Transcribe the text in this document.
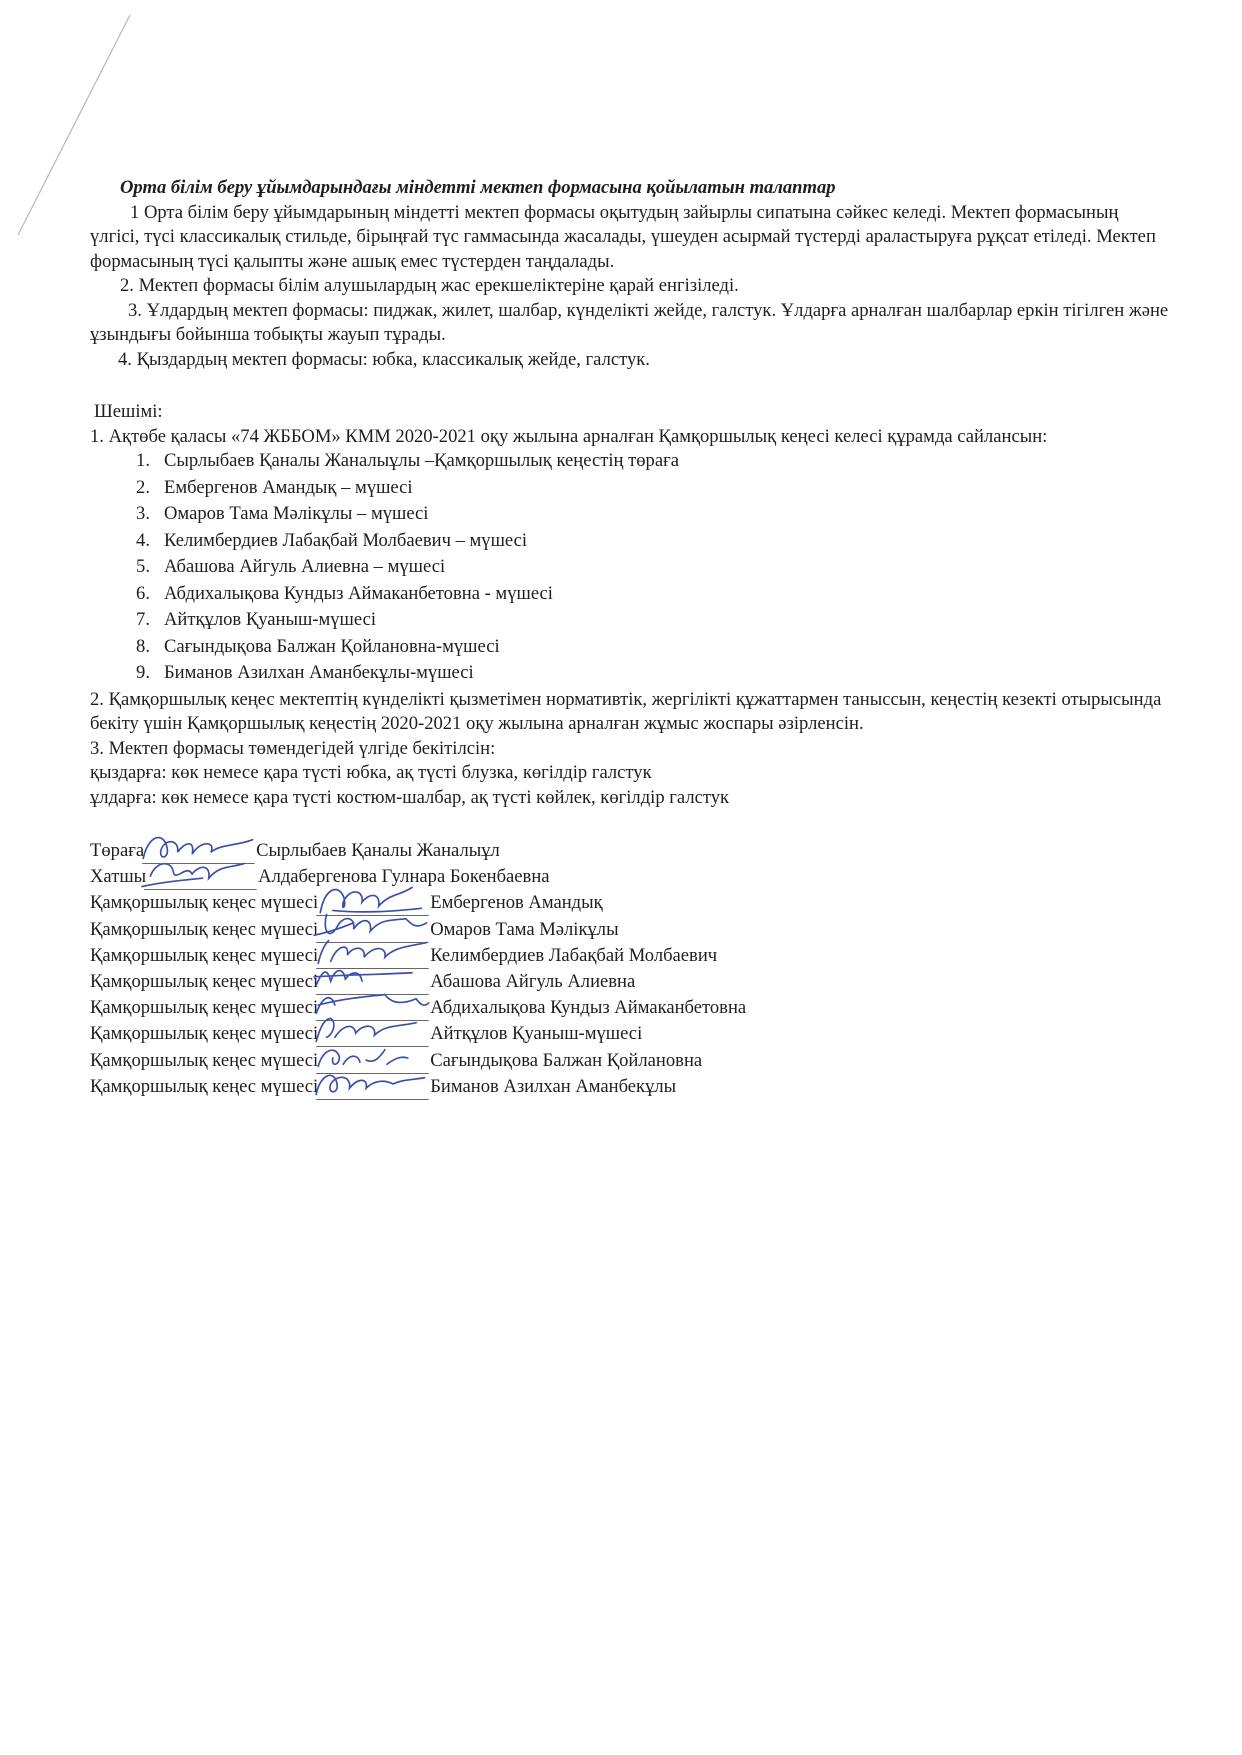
Орта білім беру ұйымдарындағы міндетті мектеп формасына қойылатын талаптар

1 Орта білім беру ұйымдарының міндетті мектеп формасы оқытудың зайырлы сипатына сәйкес келеді. Мектеп формасының үлгісі, түсі классикалық стильде, бірыңғай түс гаммасында жасалады, үшеуден асырмай түстерді араластыруға рұқсат етіледі. Мектеп формасының түсі қалыпты және ашық емес түстерден таңдалады.

2. Мектеп формасы білім алушылардың жас ерекшеліктеріне қарай енгізіледі.

3. Ұлдардың мектеп формасы: пиджак, жилет, шалбар, күнделікті жейде, галстук. Ұлдарға арналған шалбарлар еркін тігілген және ұзындығы бойынша тобықты жауып тұрады.

4. Қыздардың мектеп формасы: юбка, классикалық жейде, галстук.

Шешімі:

1. Ақтөбе қаласы «74 ЖББОМ» КММ 2020-2021 оқу жылына арналған Қамқоршылық кеңесі келесі құрамда сайлансын:

1. Сырлыбаев Қаналы Жаналыұлы –Қамқоршылық кеңестің төраға
2. Ембергенов Амандық – мүшесі
3. Омаров Тама Мәлікұлы – мүшесі
4. Келимбердиев Лабақбай Молбаевич – мүшесі
5. Абашова Айгуль Алиевна – мүшесі
6. Абдихалықова Кундыз Аймаканбетовна - мүшесі
7. Айтқұлов Қуаныш-мүшесі
8. Сағындықова Балжан Қойлановна-мүшесі
9. Биманов Азилхан Аманбекұлы-мүшесі

2. Қамқоршылық кеңес мектептің күнделікті қызметімен нормативтік, жергілікті құжаттармен таныссын, кеңестің кезекті отырысында бекіту үшін Қамқоршылық кеңестің 2020-2021 оқу жылына арналған жұмыс жоспары әзірленсін.

3. Мектеп формасы төмендегідей үлгіде бекітілсін:

қыздарға: көк немесе қара түсті юбка, ақ түсті блузка, көгілдір галстук

ұлдарға: көк немесе қара түсті костюм-шалбар, ақ түсті көйлек, көгілдір галстук

Төраға	Сырлыбаев Қаналы Жаналыұл
Хатшы	Алдабергенова Гулнара Бокенбаевна
Қамқоршылық кеңес мүшесі	Ембергенов Амандық
Қамқоршылық кеңес мүшесі	Омаров Тама Мәлікұлы
Қамқоршылық кеңес мүшесі	Келимбердиев Лабақбай Молбаевич
Қамқоршылық кеңес мүшесі	Абашова Айгуль Алиевна
Қамқоршылық кеңес мүшесі	Абдихалықова Кундыз Аймаканбетовна
Қамқоршылық кеңес мүшесі	Айтқұлов Қуаныш-мүшесі
Қамқоршылық кеңес мүшесі	Сағындықова Балжан Қойлановна
Қамқоршылық кеңес мүшесі	Биманов Азилхан Аманбекұлы
